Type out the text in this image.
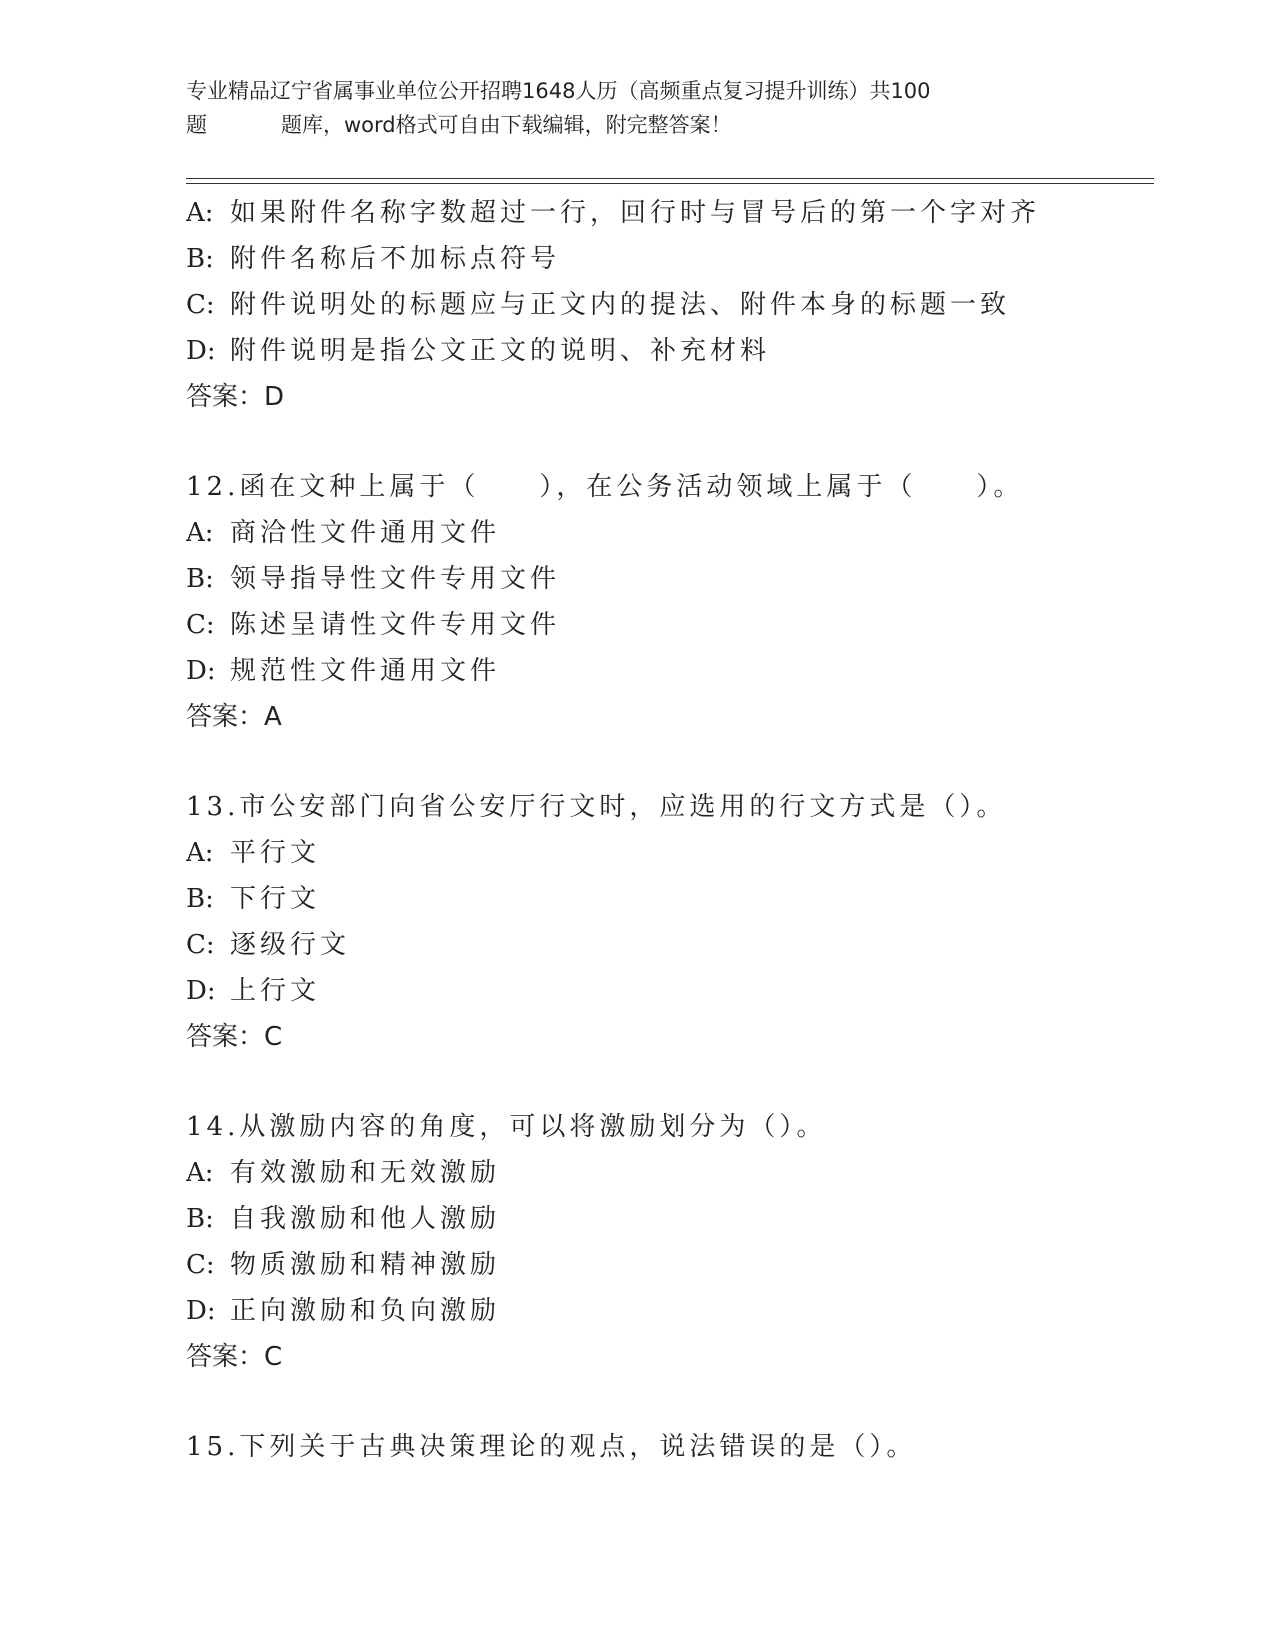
专业精品辽宁省属事业单位公开招聘1648人历（高频重点复习提升训练）共100
题	题库，word格式可自由下载编辑，附完整答案！
A: 如果附件名称字数超过一行，回行时与冒号后的第一个字对齐
B: 附件名称后不加标点符号
C: 附件说明处的标题应与正文内的提法、附件本身的标题一致
D: 附件说明是指公文正文的说明、补充材料
答案：D
12.函在文种上属于（　　），在公务活动领域上属于（　　）。
A: 商洽性文件通用文件
B: 领导指导性文件专用文件
C: 陈述呈请性文件专用文件
D: 规范性文件通用文件
答案：A
13.市公安部门向省公安厅行文时，应选用的行文方式是（）。
A: 平行文
B: 下行文
C: 逐级行文
D: 上行文
答案：C
14.从激励内容的角度，可以将激励划分为（）。
A: 有效激励和无效激励
B: 自我激励和他人激励
C: 物质激励和精神激励
D: 正向激励和负向激励
答案：C
15.下列关于古典决策理论的观点，说法错误的是（）。
